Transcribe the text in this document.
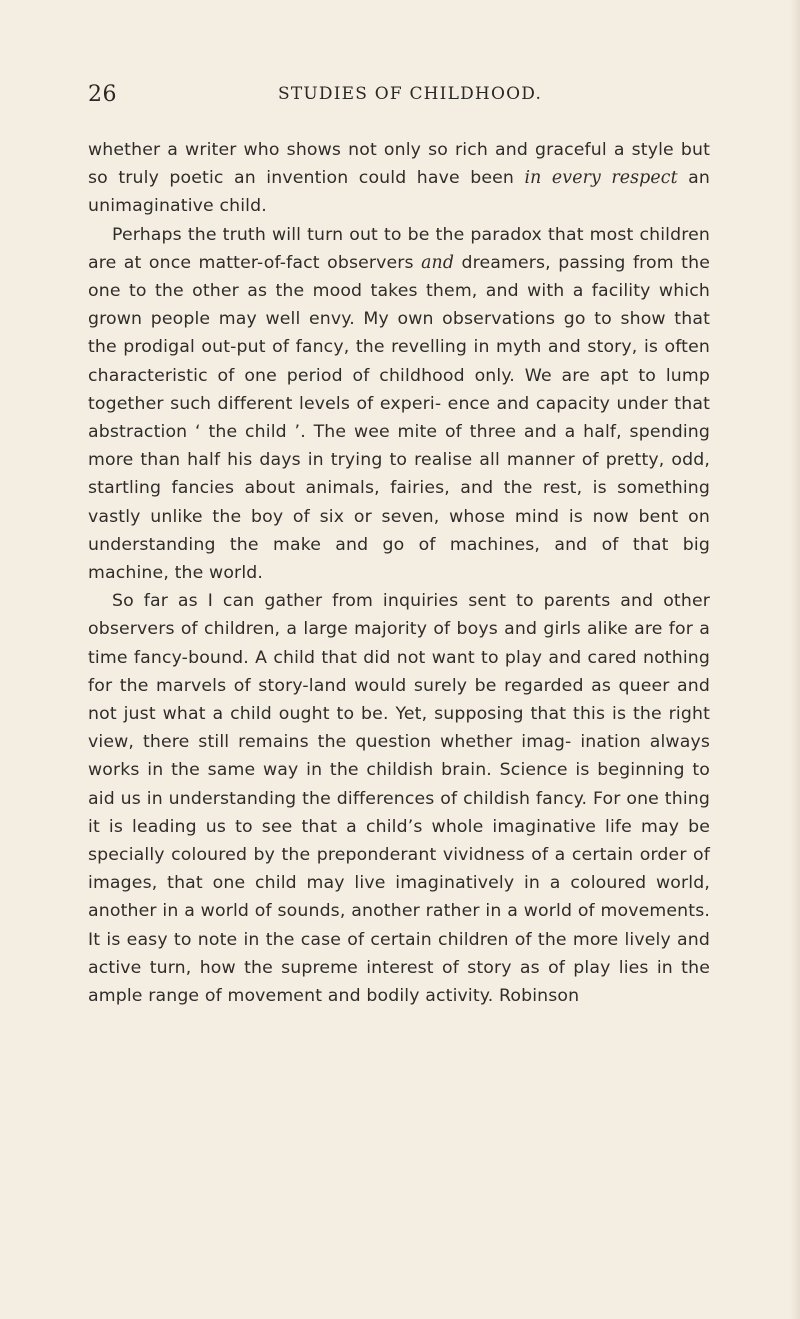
26	STUDIES OF CHILDHOOD.

whether a writer who shows not only so rich and graceful a style but so truly poetic an invention could have been in every respect an unimaginative child.

Perhaps the truth will turn out to be the paradox that most children are at once matter-of-fact observers and dreamers, passing from the one to the other as the mood takes them, and with a facility which grown people may well envy. My own observations go to show that the prodigal out-put of fancy, the revelling in myth and story, is often characteristic of one period of childhood only. We are apt to lump together such different levels of experi- ence and capacity under that abstraction ‘ the child ’. The wee mite of three and a half, spending more than half his days in trying to realise all manner of pretty, odd, startling fancies about animals, fairies, and the rest, is something vastly unlike the boy of six or seven, whose mind is now bent on understanding the make and go of machines, and of that big machine, the world.

So far as I can gather from inquiries sent to parents and other observers of children, a large majority of boys and girls alike are for a time fancy-bound. A child that did not want to play and cared nothing for the marvels of story-land would surely be regarded as queer and not just what a child ought to be. Yet, supposing that this is the right view, there still remains the question whether imag- ination always works in the same way in the childish brain. Science is beginning to aid us in understanding the differences of childish fancy. For one thing it is leading us to see that a child’s whole imaginative life may be specially coloured by the preponderant vividness of a certain order of images, that one child may live imaginatively in a coloured world, another in a world of sounds, another rather in a world of movements. It is easy to note in the case of certain children of the more lively and active turn, how the supreme interest of story as of play lies in the ample range of movement and bodily activity. Robinson
